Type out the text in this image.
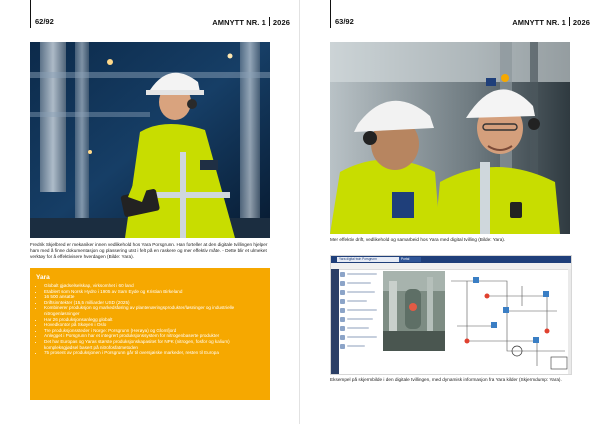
62/92	AMNYTT NR. 1 2026
Fredrik Skjelbred er mekaniker innen vedlikehold hos Yara Porsgrunn. Han forteller at den digitale tvillingen hjelper ham med å finne dokumentasjon og plassering utst i felt på en raskere og mer effektiv måte. - Dette blir et ulmeket verktøy for å effektivisere hverdagen (Bilde: Yara).
Yara
• Globalt gjødselselskap, virksomhet i 60 land
• Etablert som Norsk Hydro i 1905 av Sam Eyde og Kristian Birkeland
• 16 500 ansatte
• Driftsinntekter (15,5 milliarder USD (2025)
• Kombinerer produksjon og markedsføring av plantenæringsprodukter/løsninger og industrielle nitrogenløsninger
• Har 26 produksjonsanlegg globalt
• Hovedkontor på Skøyen i Oslo
• Tre produksjonssteder i Norge: Porsgrunn (Herøya) og Glomfjord
• Anlegget i Porsgrunn har et integrert produksjonssystem for nitrogenbaserte produkter
• Det har Europas og Yaras største produksjonskapasitet for NPK (nitrogen, fosfor og kalium) kompleksgjødsel basert på nitrofosfatmetoden
• 75 prosent av produksjonen i Porsgrunn går til oversjøiske markeder, resten til Europa
63/92	AMNYTT NR. 1 2026
Mer effektiv drift, vedlikehold og samarbeid hos Yara med digital tvilling (Bilde: Yara).
Yara digital twin Porsgrunn	Portal
Eksempel på skjermbilde i den digitale tvillingen, med dynamisk informasjon fra Yara kilder (Skjermdump: Yara).
